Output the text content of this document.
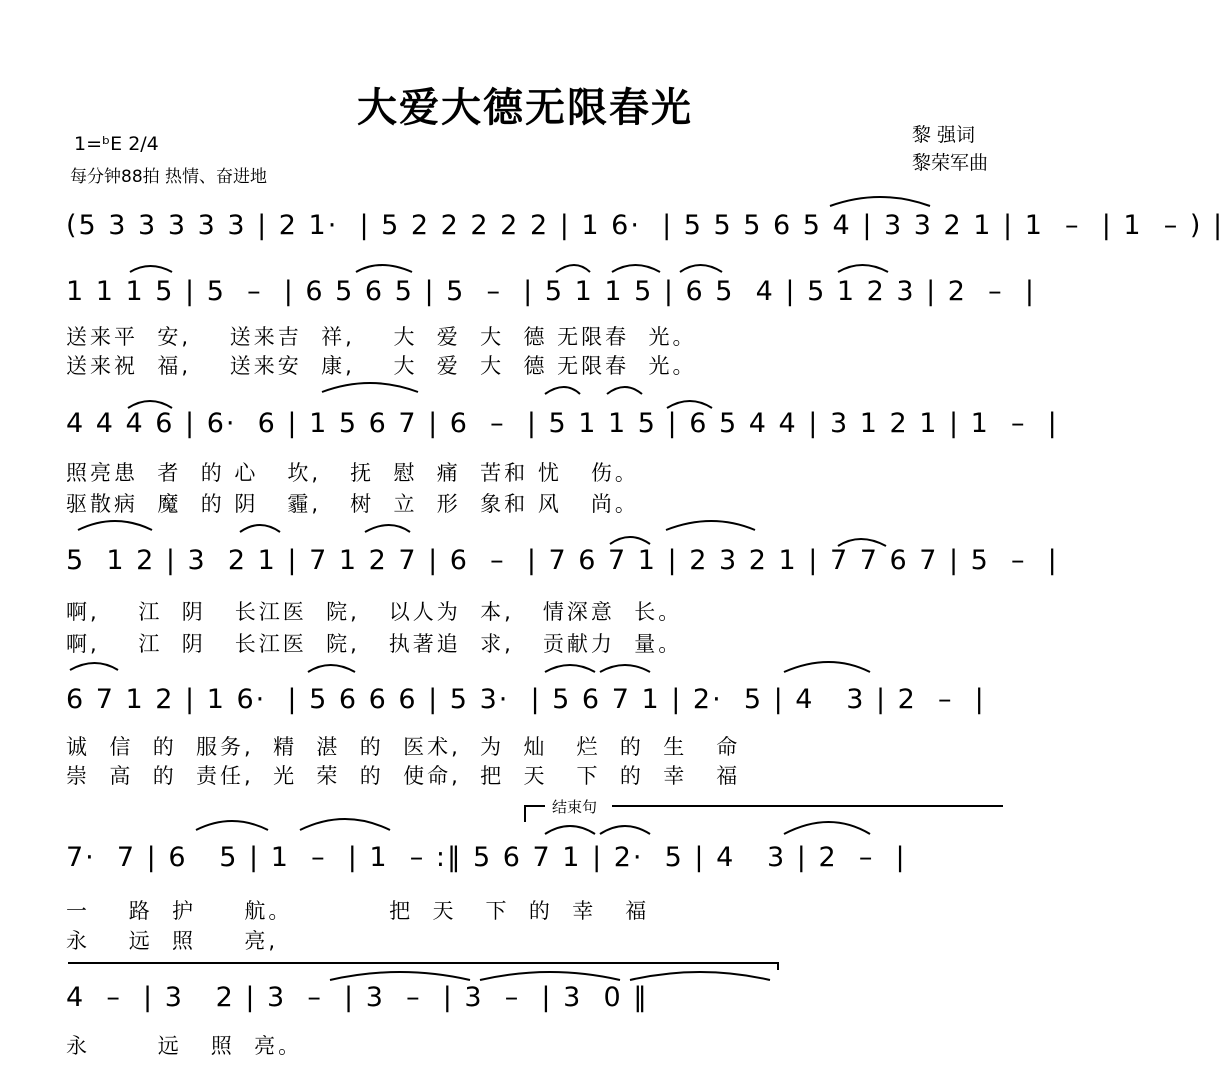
大爱大德无限春光
1=ᵇE 2/4
每分钟88拍 热情、奋进地
黎 强词
黎荣军曲
(5 3 3 3 3 3 | 2 1·  | 5 2 2 2 2 2 | 1 6·  | 5 5 5 6 5 4 | 3 3 2 1 | 1  –  | 1  – ) |
1 1 1 5 | 5  –  | 6 5 6 5 | 5  –  | 5 1 1 5 | 6 5  4 | 5 1 2 3 | 2  –  |
送来平  安,    送来吉  祥,    大  爱  大  德 无限春  光。
送来祝  福,    送来安  康,    大  爱  大  德 无限春  光。
4 4 4 6 | 6·  6 | 1 5 6 7 | 6  –  | 5 1 1 5 | 6 5 4 4 | 3 1 2 1 | 1  –  |
照亮患  者  的 心   坎,   抚  慰  痛  苦和 忧   伤。
驱散病  魔  的 阴   霾,   树  立  形  象和 风   尚。
5  1 2 | 3  2 1 | 7 1 2 7 | 6  –  | 7 6 7 1 | 2 3 2 1 | 7 7 6 7 | 5  –  |
啊,    江  阴   长江医  院,   以人为  本,   情深意  长。
啊,    江  阴   长江医  院,   执著追  求,   贡献力  量。
6 7 1 2 | 1 6·  | 5 6 6 6 | 5 3·  | 5 6 7 1 | 2·  5 | 4   3 | 2  –  |
诚  信  的  服务,  精  湛  的  医术,  为  灿   烂  的  生   命
崇  高  的  责任,  光  荣  的  使命,  把  天   下  的  幸   福
结束句
7·  7 | 6   5 | 1  –  | 1  – :‖ 5 6 7 1 | 2·  5 | 4   3 | 2  –  |
一    路  护     航。          把  天   下  的  幸   福
永    远  照     亮,
4  –  | 3   2 | 3  –  | 3  –  | 3  –  | 3  0 ‖
永       远   照  亮。
